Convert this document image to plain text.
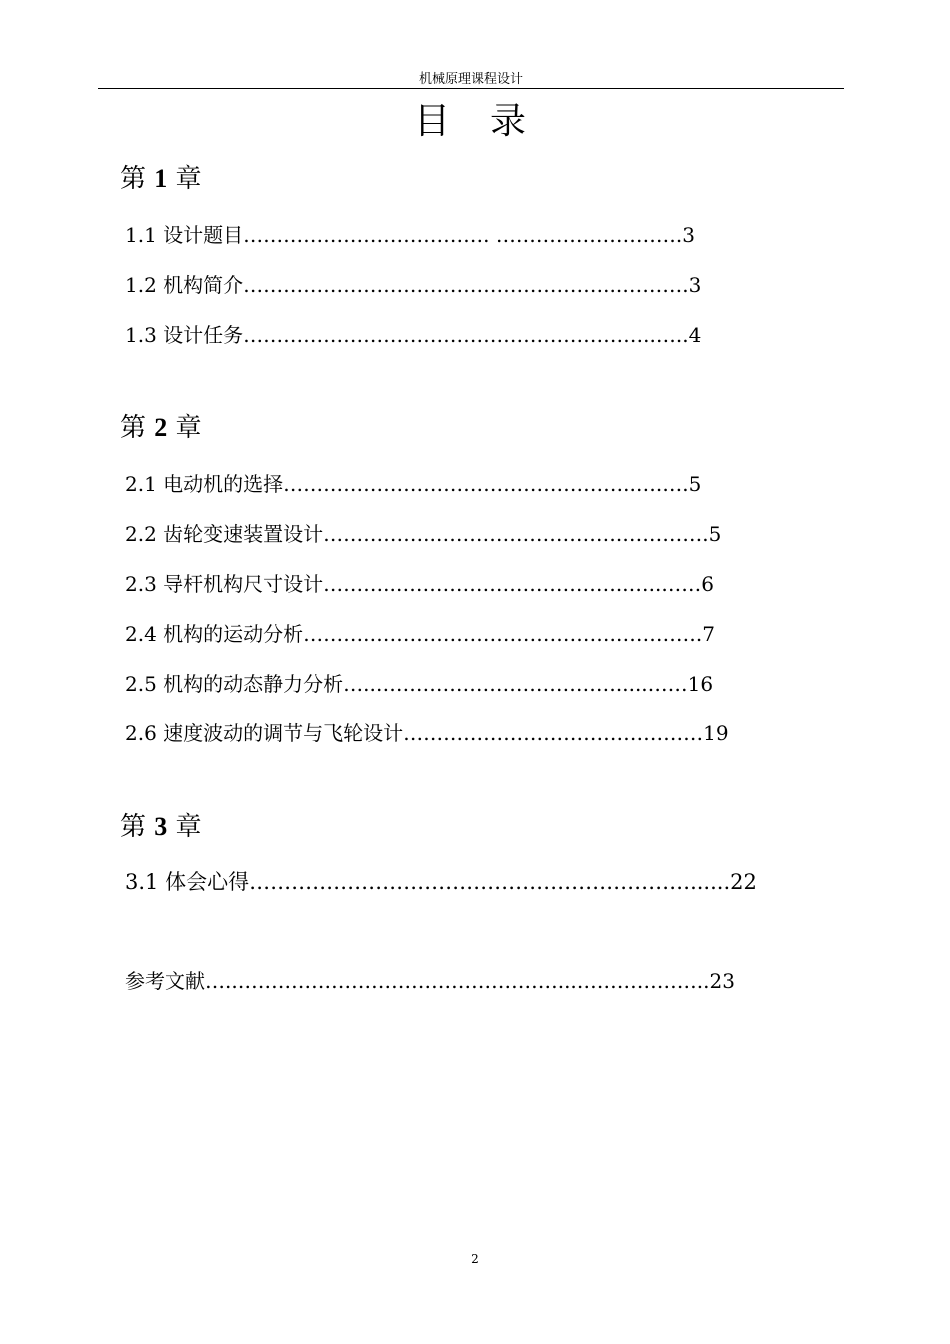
机械原理课程设计
目录
第 1 章
1.1 设计题目………………………………. ……………………….3
1.2 机构简介………………………………………………...……….3
1.3 设计任务……………………………………………………..…..4
第 2 章
2.1 电动机的选择……………………………………………..….….5
2.2 齿轮变速装置设计……………..……………………….………….5
2.3 导杆机构尺寸设计………..……………………………..…..……6
2.4 机构的运动分析……….……………………………….………….7
2.5 机构的动态静力分析…..……………………………….....……16
2.6 速度波动的调节与飞轮设计………………………………………19
第 3 章
3.1 体会心得………………………………………………………......22
参考文献…..…………………………………………...………………..23
2
